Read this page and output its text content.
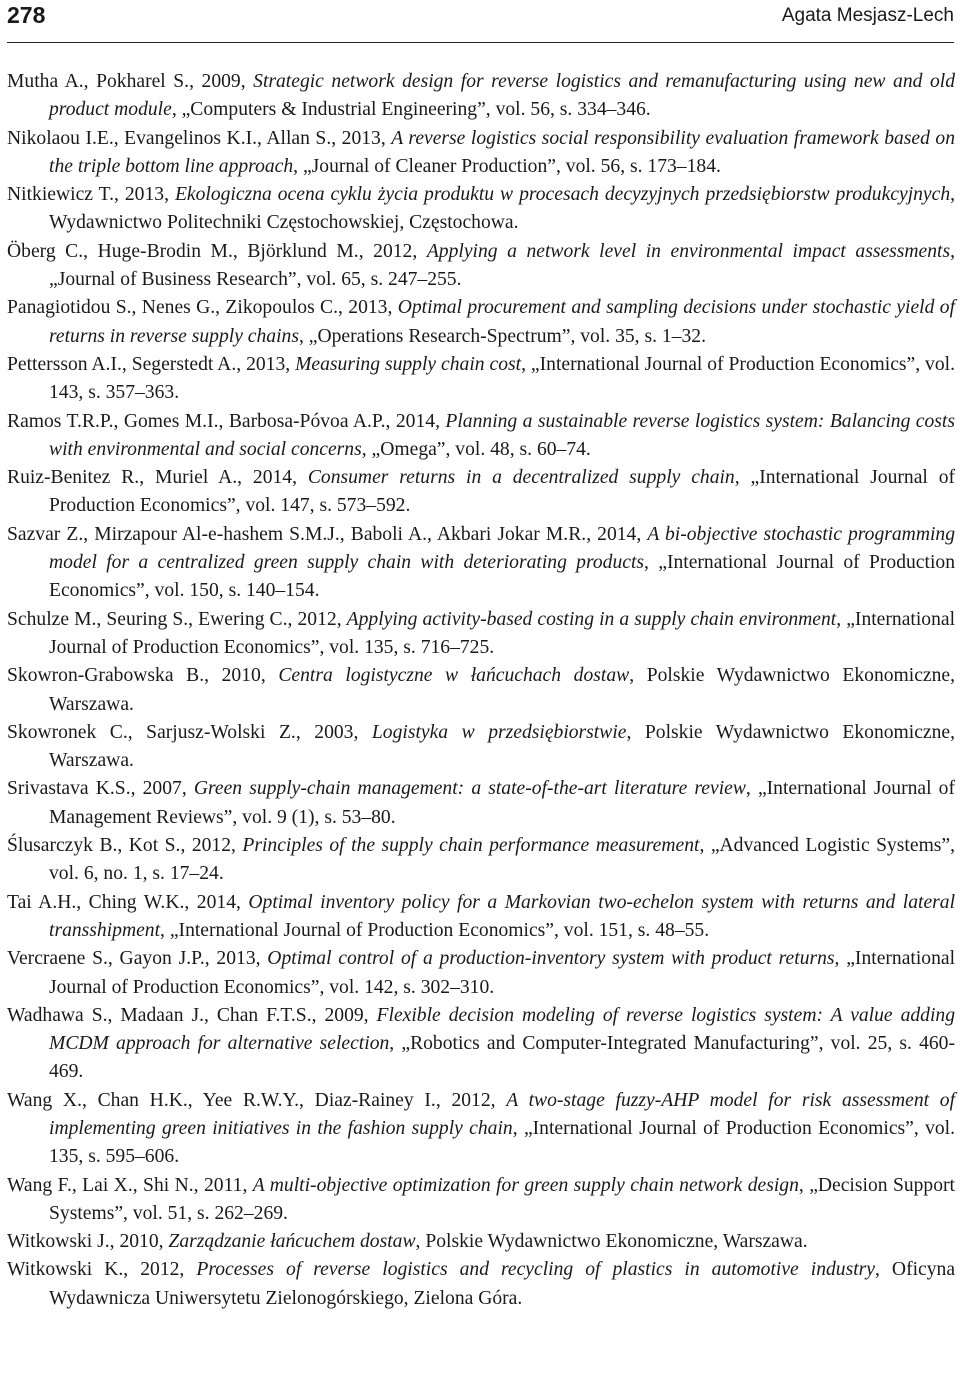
278	Agata Mesjasz-Lech
Mutha A., Pokharel S., 2009, Strategic network design for reverse logistics and remanufacturing using new and old product module, „Computers & Industrial Engineering”, vol. 56, s. 334–346.
Nikolaou I.E., Evangelinos K.I., Allan S., 2013, A reverse logistics social responsibility evaluation framework based on the triple bottom line approach, „Journal of Cleaner Production”, vol. 56, s. 173–184.
Nitkiewicz T., 2013, Ekologiczna ocena cyklu życia produktu w procesach decyzyjnych przedsiębiorstw produkcyjnych, Wydawnictwo Politechniki Częstochowskiej, Częstochowa.
Öberg C., Huge-Brodin M., Björklund M., 2012, Applying a network level in environmental impact assessments, „Journal of Business Research”, vol. 65, s. 247–255.
Panagiotidou S., Nenes G., Zikopoulos C., 2013, Optimal procurement and sampling decisions under stochastic yield of returns in reverse supply chains, „Operations Research-Spectrum”, vol. 35, s. 1–32.
Pettersson A.I., Segerstedt A., 2013, Measuring supply chain cost, „International Journal of Production Economics”, vol. 143, s. 357–363.
Ramos T.R.P., Gomes M.I., Barbosa-Póvoa A.P., 2014, Planning a sustainable reverse logistics system: Balancing costs with environmental and social concerns, „Omega”, vol. 48, s. 60–74.
Ruiz-Benitez R., Muriel A., 2014, Consumer returns in a decentralized supply chain, „International Journal of Production Economics”, vol. 147, s. 573–592.
Sazvar Z., Mirzapour Al-e-hashem S.M.J., Baboli A., Akbari Jokar M.R., 2014, A bi-objective stochastic programming model for a centralized green supply chain with deteriorating products, „International Journal of Production Economics”, vol. 150, s. 140–154.
Schulze M., Seuring S., Ewering C., 2012, Applying activity-based costing in a supply chain environment, „International Journal of Production Economics”, vol. 135, s. 716–725.
Skowron-Grabowska B., 2010, Centra logistyczne w łańcuchach dostaw, Polskie Wydawnictwo Ekonomiczne, Warszawa.
Skowronek C., Sarjusz-Wolski Z., 2003, Logistyka w przedsiębiorstwie, Polskie Wydawnictwo Ekonomiczne, Warszawa.
Srivastava K.S., 2007, Green supply-chain management: a state-of-the-art literature review, „International Journal of Management Reviews”, vol. 9 (1), s. 53–80.
Ślusarczyk B., Kot S., 2012, Principles of the supply chain performance measurement, „Advanced Logistic Systems”, vol. 6, no. 1, s. 17–24.
Tai A.H., Ching W.K., 2014, Optimal inventory policy for a Markovian two-echelon system with returns and lateral transshipment, „International Journal of Production Economics”, vol. 151, s. 48–55.
Vercraene S., Gayon J.P., 2013, Optimal control of a production-inventory system with product returns, „International Journal of Production Economics”, vol. 142, s. 302–310.
Wadhawa S., Madaan J., Chan F.T.S., 2009, Flexible decision modeling of reverse logistics system: A value adding MCDM approach for alternative selection, „Robotics and Computer-Integrated Manufacturing”, vol. 25, s. 460-469.
Wang X., Chan H.K., Yee R.W.Y., Diaz-Rainey I., 2012, A two-stage fuzzy-AHP model for risk assessment of implementing green initiatives in the fashion supply chain, „International Journal of Production Economics”, vol. 135, s. 595–606.
Wang F., Lai X., Shi N., 2011, A multi-objective optimization for green supply chain network design, „Decision Support Systems”, vol. 51, s. 262–269.
Witkowski J., 2010, Zarządzanie łańcuchem dostaw, Polskie Wydawnictwo Ekonomiczne, Warszawa.
Witkowski K., 2012, Processes of reverse logistics and recycling of plastics in automotive industry, Oficyna Wydawnicza Uniwersytetu Zielonogórskiego, Zielona Góra.
